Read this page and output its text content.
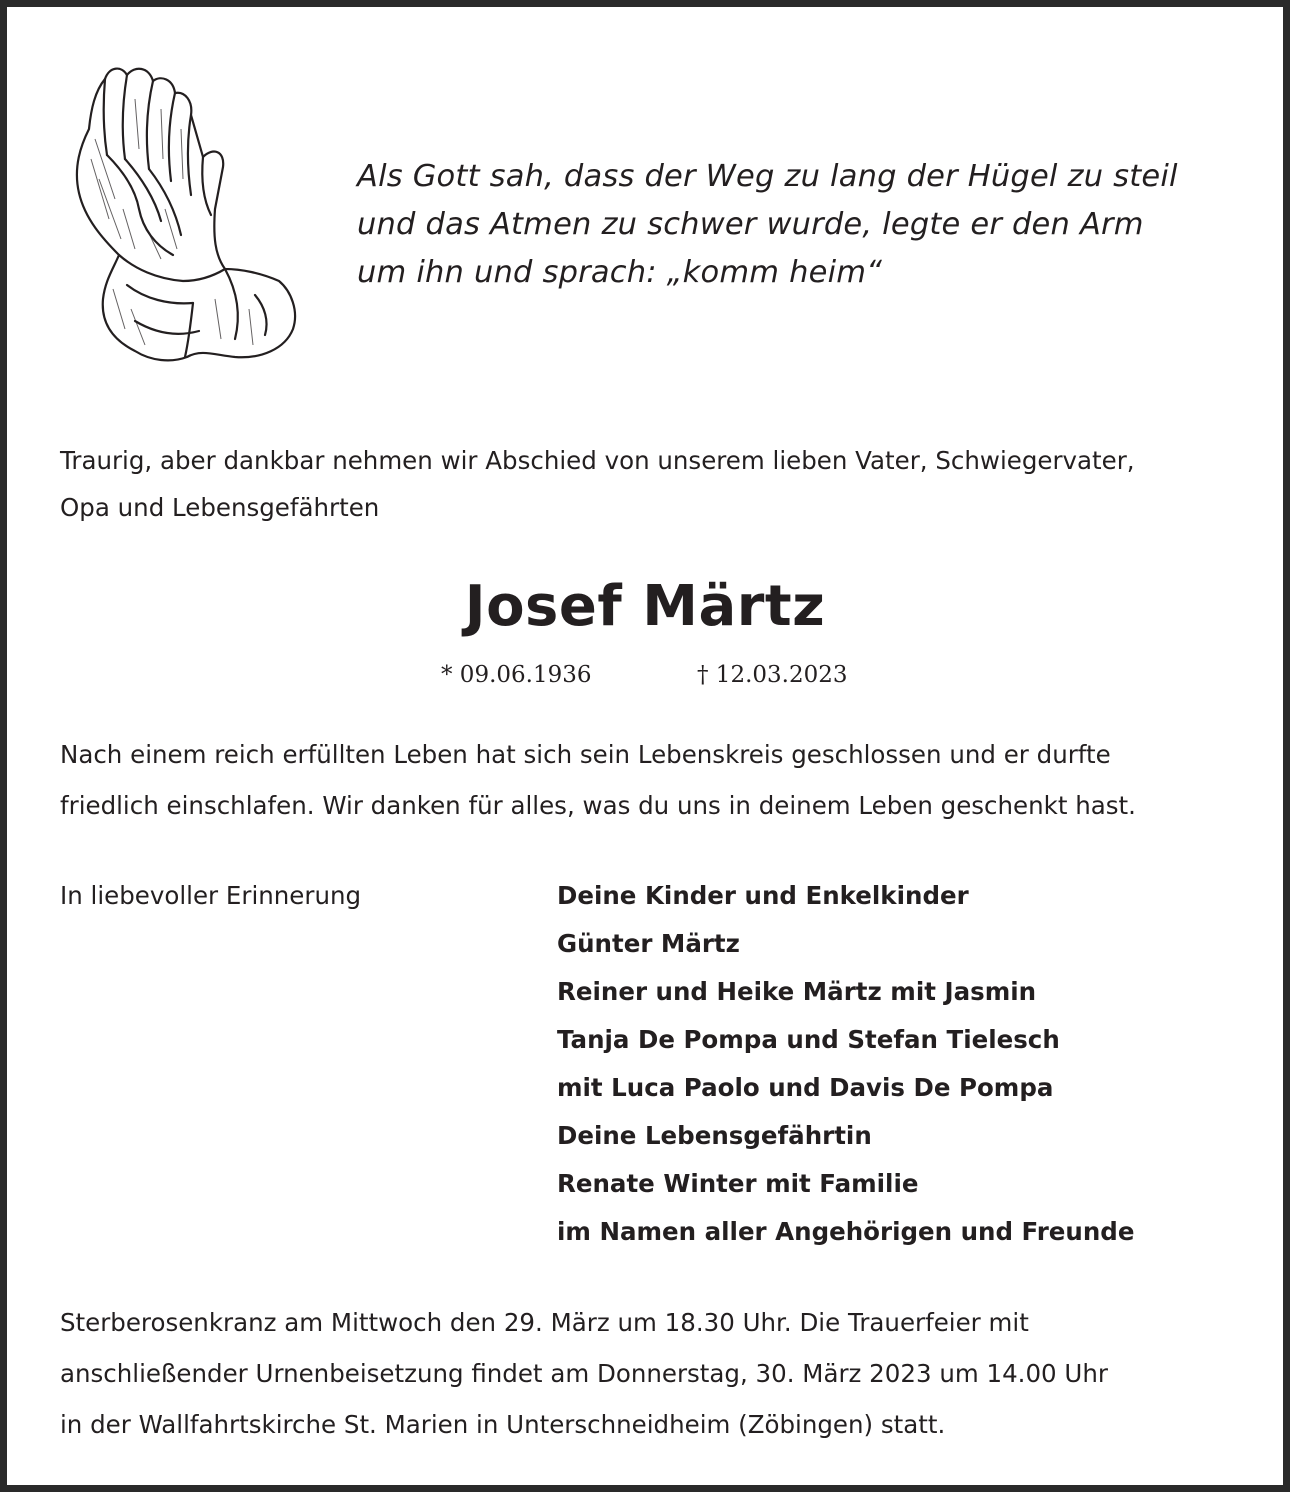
Als Gott sah, dass der Weg zu lang der Hügel zu steil
und das Atmen zu schwer wurde, legte er den Arm
um ihn und sprach: „komm heim“
Traurig, aber dankbar nehmen wir Abschied von unserem lieben Vater, Schwiegervater,
Opa und Lebensgefährten
Josef Märtz
* 09.06.1936	† 12.03.2023
Nach einem reich erfüllten Leben hat sich sein Lebenskreis geschlossen und er durfte
friedlich einschlafen. Wir danken für alles, was du uns in deinem Leben geschenkt hast.
In liebevoller Erinnerung	Deine Kinder und Enkelkinder
Günter Märtz
Reiner und Heike Märtz mit Jasmin
Tanja De Pompa und Stefan Tielesch
mit Luca Paolo und Davis De Pompa
Deine Lebensgefährtin
Renate Winter mit Familie
im Namen aller Angehörigen und Freunde
Sterberosenkranz am Mittwoch den 29. März um 18.30 Uhr. Die Trauerfeier mit
anschließender Urnenbeisetzung findet am Donnerstag, 30. März 2023 um 14.00 Uhr
in der Wallfahrtskirche St. Marien in Unterschneidheim (Zöbingen) statt.
